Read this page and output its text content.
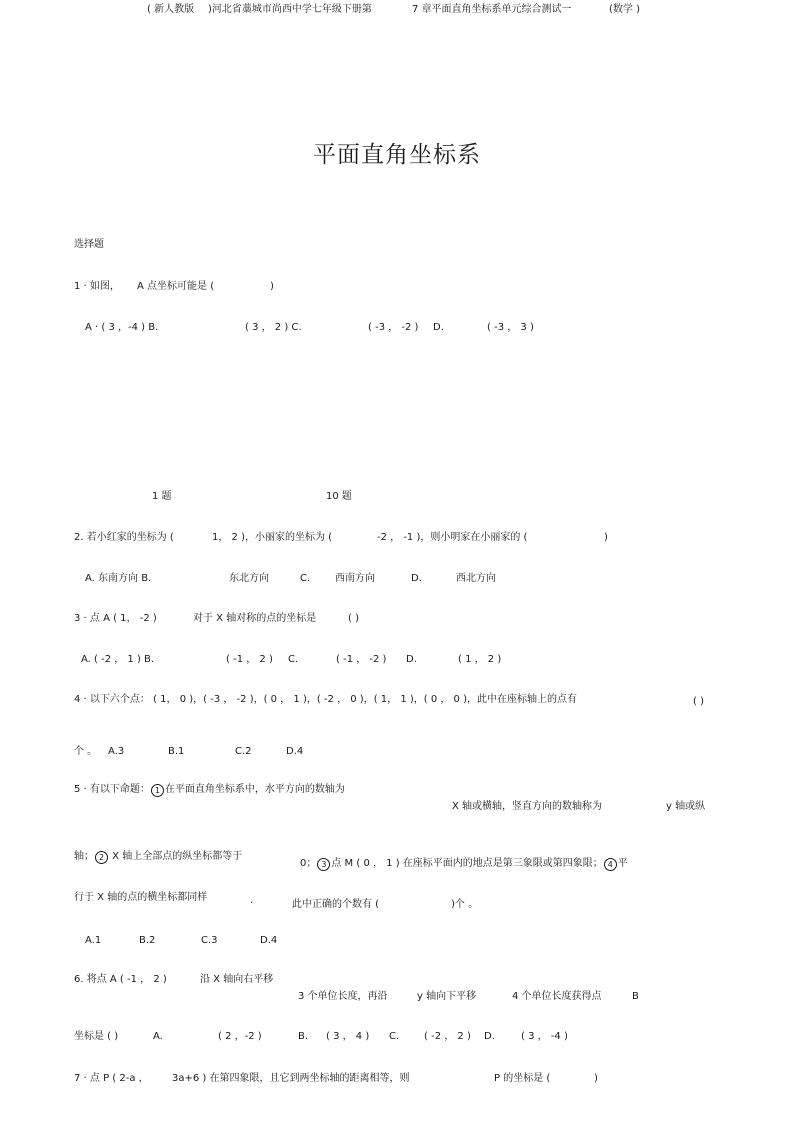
( 新人教版 )河北省藁城市尚西中学七年级下册第	7 章平面直角坐标系单元综合测试一	(数学 )
平面直角坐标系
选择题
1 · 如图， A 点坐标可能是 (	)
A · ( 3 ，-4 ) B.	( 3 ， 2 ) C.	( -3 ， -2 ) D.	( -3 ， 3 )
1 题	10 题
2. 若小红家的坐标为 (	1， 2 )，小丽家的坐标为 (	-2 ， -1 )，则小明家在小丽家的 (	)
A. 东南方向 B.	东北方向	C. 西南方向	D.	西北方向
3 · 点 A ( 1， -2 )	对于 X 轴对称的点的坐标是	( )
A. ( -2 ， 1 ) B.	( -1 ， 2 ) C.	( -1 ， -2 ) D.	( 1 ， 2 )
4 · 以下六个点： ( 1， 0 )，( -3 ， -2 )，( 0 ， 1 )，( -2 ， 0 )，( 1， 1 )，( 0 ， 0 )，此中在座标轴上的点有	( )
个 。 A.3	B.1	C.2	D.4
5 · 有以下命题： 1 在平面直角坐标系中，水平方向的数轴为
X 轴或横轴，竖直方向的数轴称为	y 轴或纵
轴； 2 X 轴上全部点的纵坐标都等于
0； 3 点 M ( 0 ， 1 ) 在座标平面内的地点是第三象限或第四象限； 4 平
行于 X 轴的点的横坐标都同样	.	此中正确的个数有 (	)个 。
A.1	B.2	C.3	D.4
6. 将点 A ( -1 ， 2 )	沿 X 轴向右平移
3 个单位长度，再沿	y 轴向下平移	4 个单位长度获得点	B
坐标是 ( )	A.	( 2 ，-2 )	B. ( 3 ， 4 ) C. ( -2 ， 2 ) D.	( 3 ， -4 )
7 · 点 P ( 2-a ， 3a+6 ) 在第四象限，且它到两坐标轴的距离相等，则	P 的坐标是 (	)
